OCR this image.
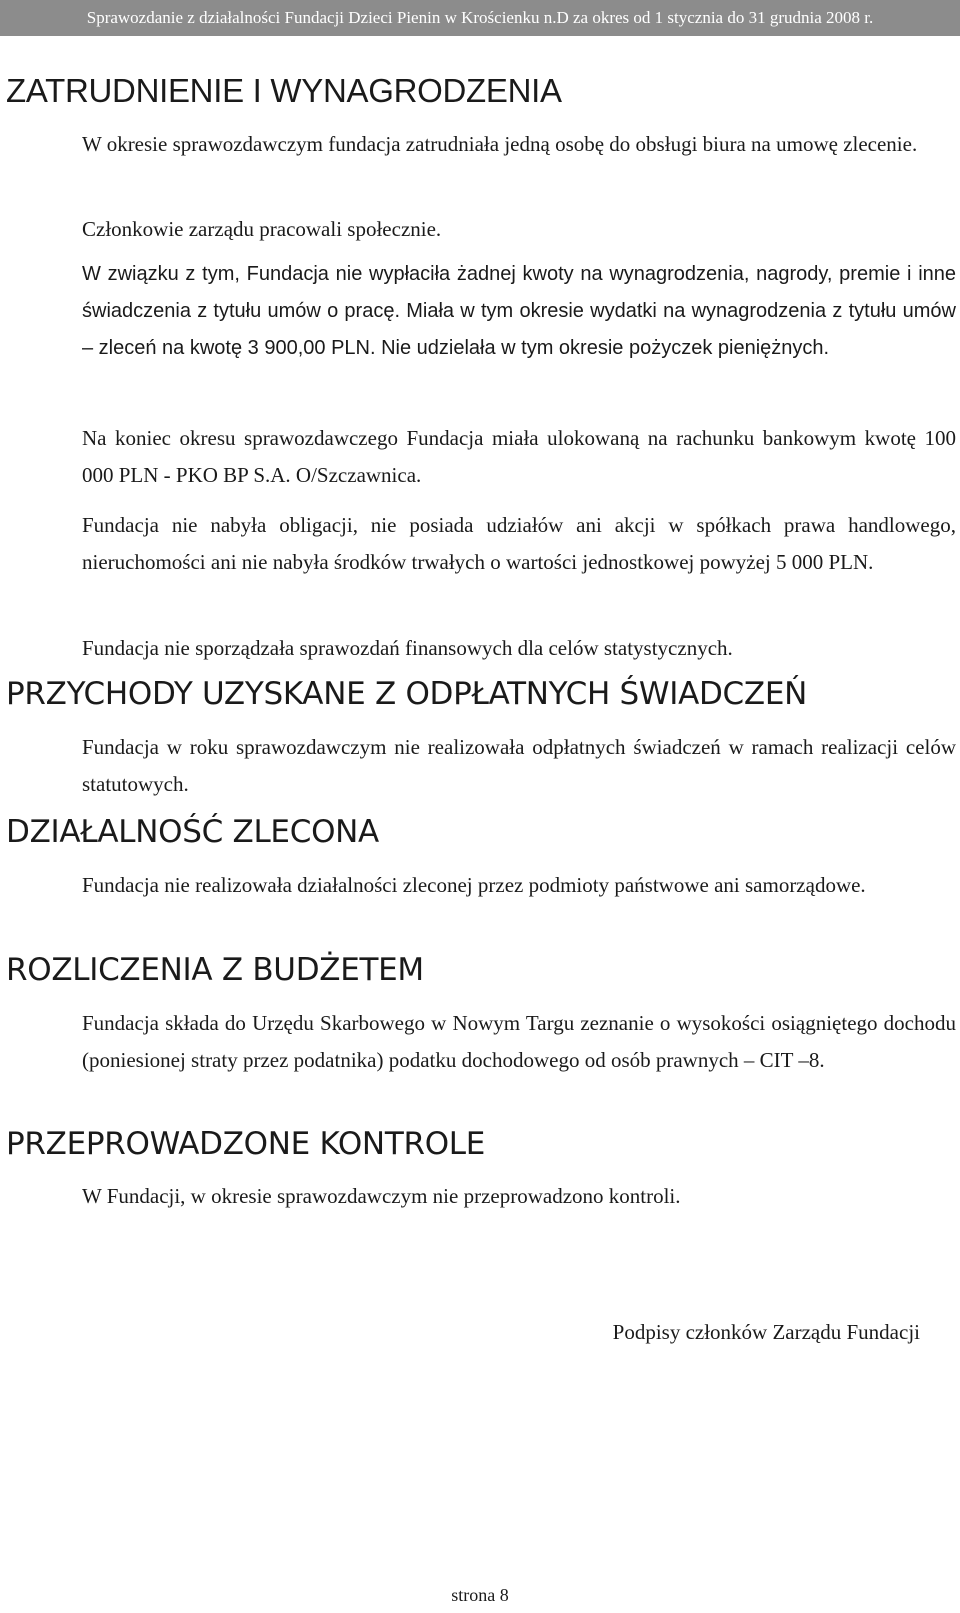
Sprawozdanie z działalności Fundacji Dzieci Pienin w Krościenku n.D za okres od 1 stycznia do 31 grudnia 2008 r.
ZATRUDNIENIE I WYNAGRODZENIA
W okresie sprawozdawczym fundacja zatrudniała jedną osobę do obsługi biura na umowę zlecenie.
Członkowie zarządu pracowali społecznie.
W związku z tym, Fundacja nie wypłaciła żadnej kwoty na wynagrodzenia, nagrody, premie i inne świadczenia z tytułu umów o pracę. Miała w tym okresie wydatki na wynagrodzenia z tytułu umów – zleceń na kwotę 3 900,00 PLN. Nie udzielała w tym okresie pożyczek pieniężnych.
Na koniec okresu sprawozdawczego Fundacja miała ulokowaną na rachunku bankowym kwotę 100 000 PLN - PKO BP S.A. O/Szczawnica.
Fundacja nie nabyła obligacji, nie posiada udziałów ani akcji w spółkach prawa handlowego, nieruchomości ani nie nabyła środków trwałych o wartości jednostkowej powyżej 5 000 PLN.
Fundacja nie sporządzała sprawozdań finansowych dla celów statystycznych.
PRZYCHODY UZYSKANE Z ODPŁATNYCH ŚWIADCZEŃ
Fundacja w roku sprawozdawczym nie realizowała odpłatnych świadczeń w ramach realizacji celów statutowych.
DZIAŁALNOŚĆ ZLECONA
Fundacja nie realizowała działalności zleconej przez podmioty państwowe ani samorządowe.
ROZLICZENIA Z BUDŻETEM
Fundacja składa do Urzędu Skarbowego w Nowym Targu zeznanie o wysokości osiągniętego dochodu (poniesionej straty przez podatnika) podatku dochodowego od osób prawnych – CIT –8.
PRZEPROWADZONE KONTROLE
W Fundacji, w okresie sprawozdawczym nie przeprowadzono kontroli.
Podpisy członków Zarządu Fundacji
strona 8
